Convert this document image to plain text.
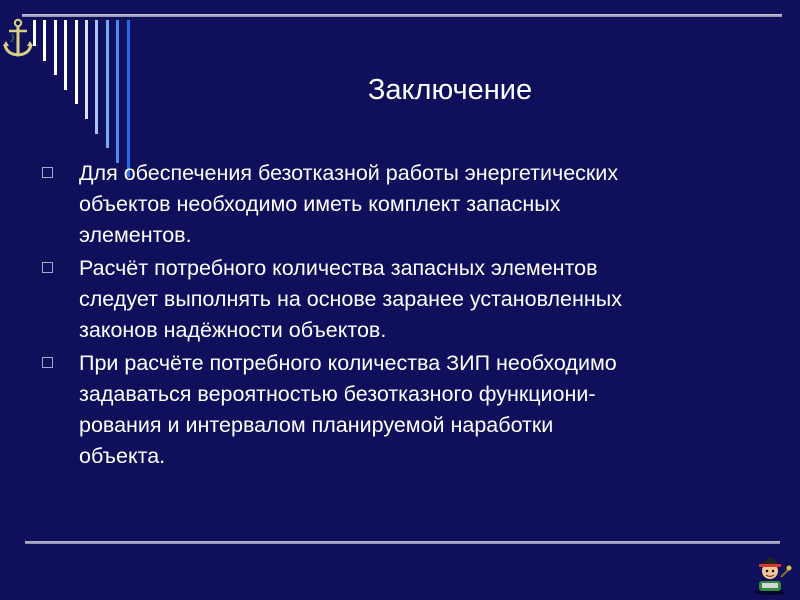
Заключение
Для обеспечения безотказной работы энергетических
объектов необходимо иметь комплект запасных
элементов.
Расчёт потребного количества запасных элементов
следует выполнять на основе заранее установленных
законов надёжности объектов.
При расчёте потребного количества ЗИП необходимо
задаваться вероятностью безотказного функциони-
рования и интервалом планируемой наработки
объекта.
